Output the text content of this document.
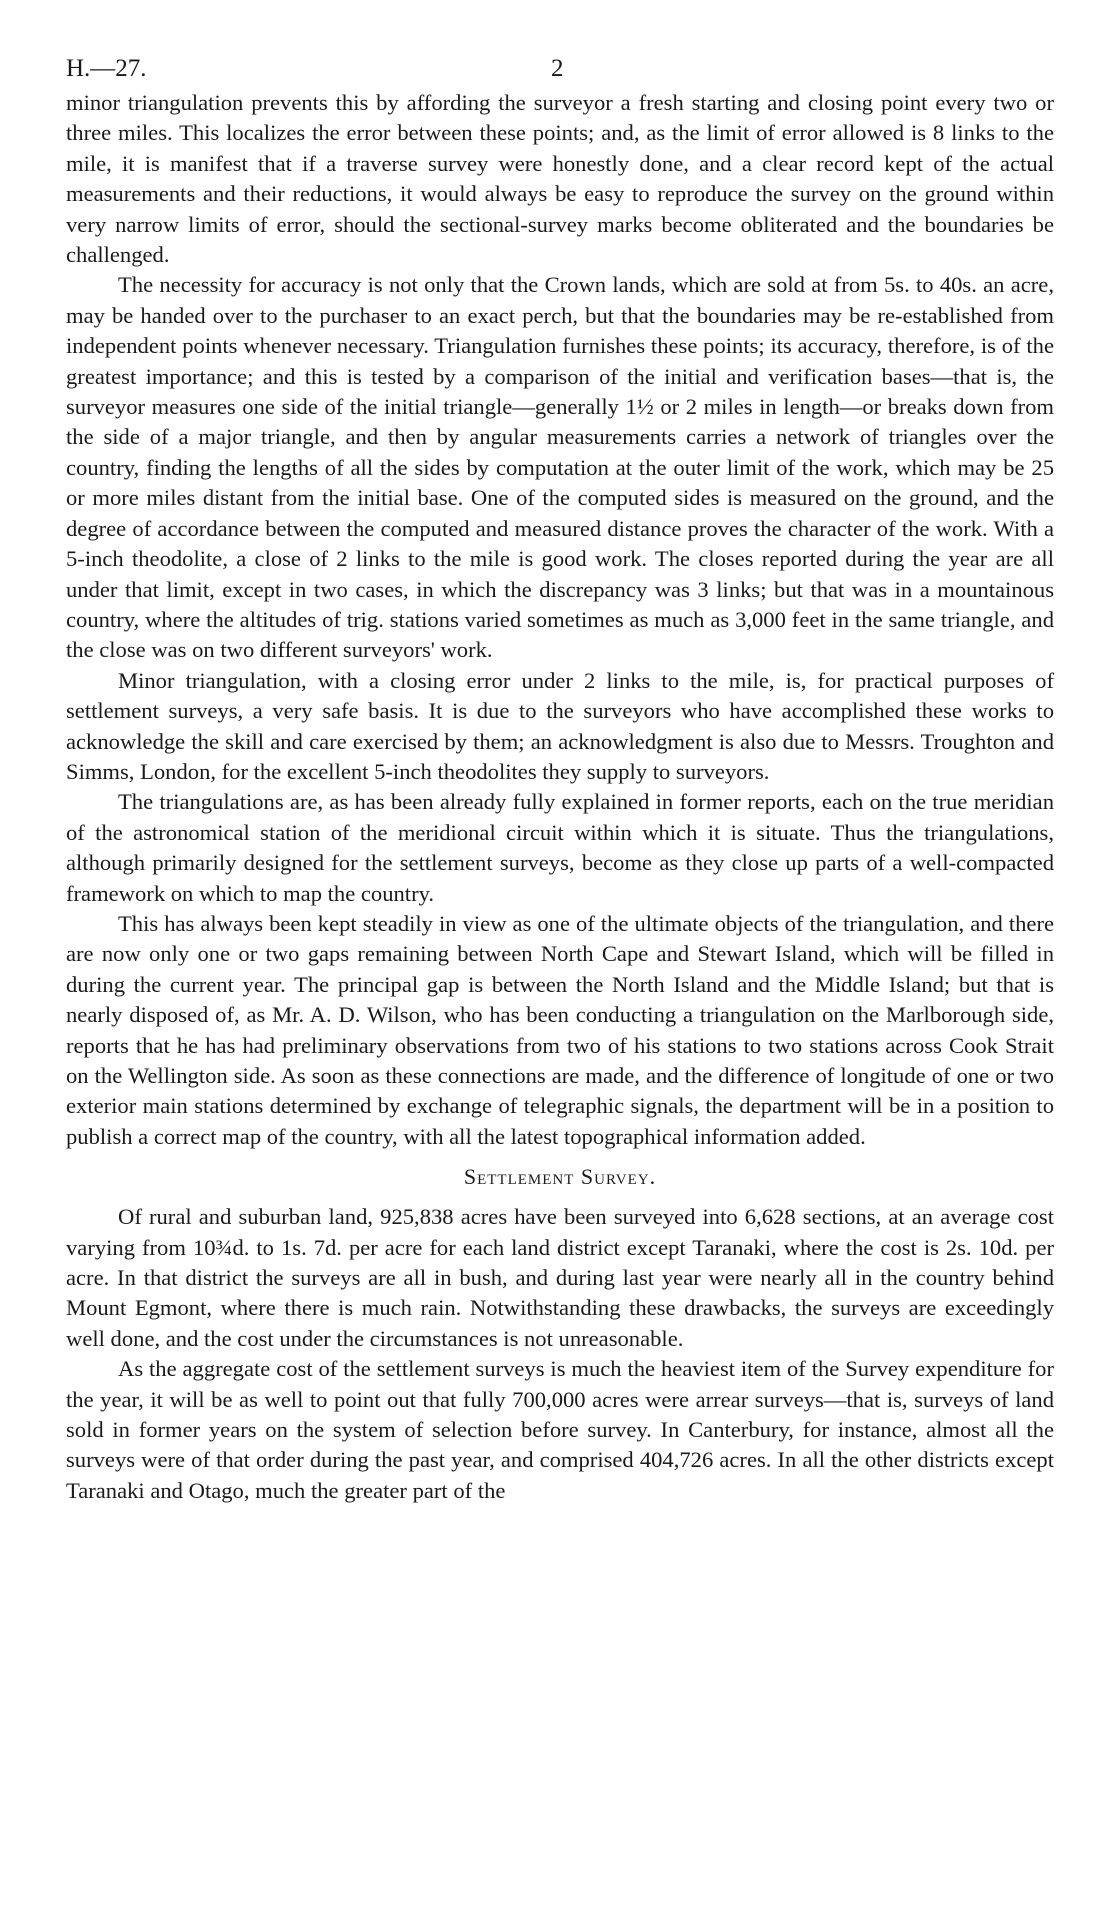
H.—27.	2

minor triangulation prevents this by affording the surveyor a fresh starting and closing point every two or three miles. This localizes the error between these points; and, as the limit of error allowed is 8 links to the mile, it is manifest that if a traverse survey were honestly done, and a clear record kept of the actual measurements and their reductions, it would always be easy to reproduce the survey on the ground within very narrow limits of error, should the sectional-survey marks become obliterated and the boundaries be challenged.

The necessity for accuracy is not only that the Crown lands, which are sold at from 5s. to 40s. an acre, may be handed over to the purchaser to an exact perch, but that the boundaries may be re-established from independent points whenever necessary. Triangulation furnishes these points; its accuracy, therefore, is of the greatest importance; and this is tested by a comparison of the initial and verification bases—that is, the surveyor measures one side of the initial triangle—generally 1½ or 2 miles in length—or breaks down from the side of a major triangle, and then by angular measurements carries a network of triangles over the country, finding the lengths of all the sides by computation at the outer limit of the work, which may be 25 or more miles distant from the initial base. One of the computed sides is measured on the ground, and the degree of accordance between the computed and measured distance proves the character of the work. With a 5-inch theodolite, a close of 2 links to the mile is good work. The closes reported during the year are all under that limit, except in two cases, in which the discrepancy was 3 links; but that was in a mountainous country, where the altitudes of trig. stations varied sometimes as much as 3,000 feet in the same triangle, and the close was on two different surveyors' work.

Minor triangulation, with a closing error under 2 links to the mile, is, for practical purposes of settlement surveys, a very safe basis. It is due to the surveyors who have accomplished these works to acknowledge the skill and care exercised by them; an acknowledgment is also due to Messrs. Troughton and Simms, London, for the excellent 5-inch theodolites they supply to surveyors.

The triangulations are, as has been already fully explained in former reports, each on the true meridian of the astronomical station of the meridional circuit within which it is situate. Thus the triangulations, although primarily designed for the settlement surveys, become as they close up parts of a well-compacted framework on which to map the country.

This has always been kept steadily in view as one of the ultimate objects of the triangulation, and there are now only one or two gaps remaining between North Cape and Stewart Island, which will be filled in during the current year. The principal gap is between the North Island and the Middle Island; but that is nearly disposed of, as Mr. A. D. Wilson, who has been conducting a triangulation on the Marlborough side, reports that he has had preliminary observations from two of his stations to two stations across Cook Strait on the Wellington side. As soon as these connections are made, and the difference of longitude of one or two exterior main stations determined by exchange of telegraphic signals, the department will be in a position to publish a correct map of the country, with all the latest topographical information added.

Settlement Survey.

Of rural and suburban land, 925,838 acres have been surveyed into 6,628 sections, at an average cost varying from 10¾d. to 1s. 7d. per acre for each land district except Taranaki, where the cost is 2s. 10d. per acre. In that district the surveys are all in bush, and during last year were nearly all in the country behind Mount Egmont, where there is much rain. Notwithstanding these drawbacks, the surveys are exceedingly well done, and the cost under the circumstances is not unreasonable.

As the aggregate cost of the settlement surveys is much the heaviest item of the Survey expenditure for the year, it will be as well to point out that fully 700,000 acres were arrear surveys—that is, surveys of land sold in former years on the system of selection before survey. In Canterbury, for instance, almost all the surveys were of that order during the past year, and comprised 404,726 acres. In all the other districts except Taranaki and Otago, much the greater part of the
